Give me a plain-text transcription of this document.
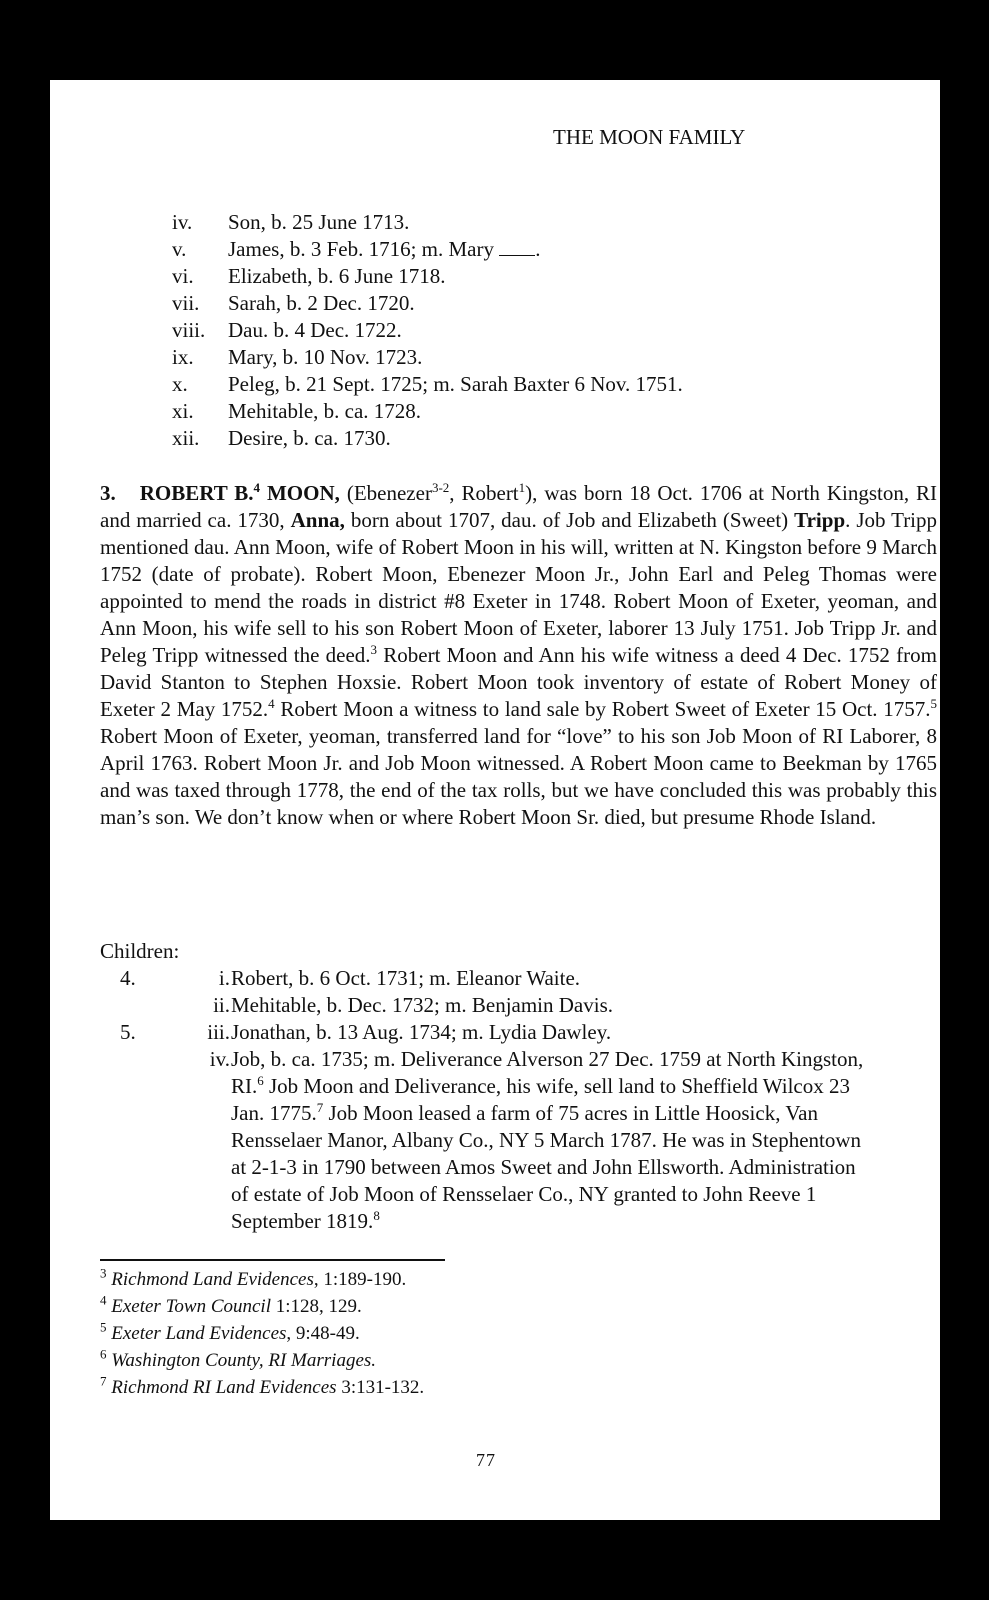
THE MOON FAMILY
iv. Son, b. 25 June 1713.
v. James, b. 3 Feb. 1716; m. Mary .
vi. Elizabeth, b. 6 June 1718.
vii. Sarah, b. 2 Dec. 1720.
viii. Dau. b. 4 Dec. 1722.
ix. Mary, b. 10 Nov. 1723.
x. Peleg, b. 21 Sept. 1725; m. Sarah Baxter 6 Nov. 1751.
xi. Mehitable, b. ca. 1728.
xii. Desire, b. ca. 1730.

3. ROBERT B.$^4$ MOON, (Ebenezer$^{3-2}$, Robert$^1$), was born 18 Oct. 1706 at North Kingston, RI and married ca. 1730, Anna, born about 1707, dau. of Job and Elizabeth (Sweet) Tripp. Job Tripp mentioned dau. Ann Moon, wife of Robert Moon in his will, written at N. Kingston before 9 March 1752 (date of probate). Robert Moon, Ebenezer Moon Jr., John Earl and Peleg Thomas were appointed to mend the roads in district #8 Exeter in 1748. Robert Moon of Exeter, yeoman, and Ann Moon, his wife sell to his son Robert Moon of Exeter, laborer 13 July 1751. Job Tripp Jr. and Peleg Tripp witnessed the deed.$^3$ Robert Moon and Ann his wife witness a deed 4 Dec. 1752 from David Stanton to Stephen Hoxsie. Robert Moon took inventory of estate of Robert Money of Exeter 2 May 1752.$^4$ Robert Moon a witness to land sale by Robert Sweet of Exeter 15 Oct. 1757.$^5$ Robert Moon of Exeter, yeoman, transferred land for “love” to his son Job Moon of RI Laborer, 8 April 1763. Robert Moon Jr. and Job Moon witnessed. A Robert Moon came to Beekman by 1765 and was taxed through 1778, the end of the tax rolls, but we have concluded this was probably this man’s son. We don’t know when or where Robert Moon Sr. died, but presume Rhode Island.

Children:
4.	i. Robert, b. 6 Oct. 1731; m. Eleanor Waite.
ii. Mehitable, b. Dec. 1732; m. Benjamin Davis.
5.	iii. Jonathan, b. 13 Aug. 1734; m. Lydia Dawley.
iv. Job, b. ca. 1735; m. Deliverance Alverson 27 Dec. 1759 at North Kingston, RI.$^6$ Job Moon and Deliverance, his wife, sell land to Sheffield Wilcox 23 Jan. 1775.$^7$ Job Moon leased a farm of 75 acres in Little Hoosick, Van Rensselaer Manor, Albany Co., NY 5 March 1787. He was in Stephentown at 2-1-3 in 1790 between Amos Sweet and John Ellsworth. Administration of estate of Job Moon of Rensselaer Co., NY granted to John Reeve 1 September 1819.$^8$
$^3$ Richmond Land Evidences, 1:189-190.
$^4$ Exeter Town Council 1:128, 129.
$^5$ Exeter Land Evidences, 9:48-49.
$^6$ Washington County, RI Marriages.
$^7$ Richmond RI Land Evidences 3:131-132.
77
